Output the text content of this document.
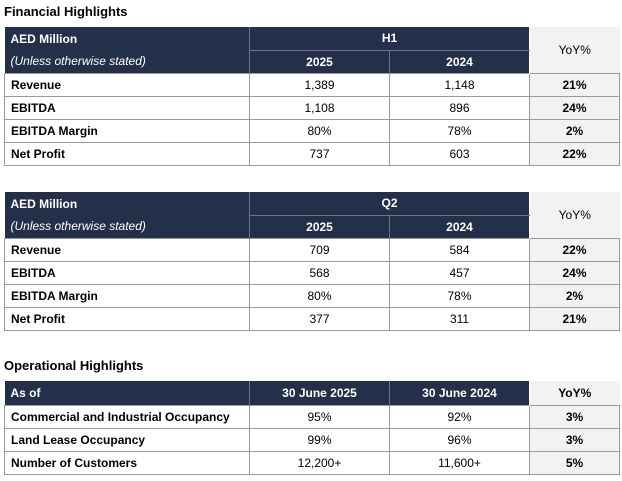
Financial Highlights
AED Million	H1		YoY%
(Unless otherwise stated)	2025	2024	
Revenue	1,389	1,148	21%
EBITDA	1,108	896	24%
EBITDA Margin	80%	78%	2%
Net Profit	737	603	22%
AED Million	Q2		YoY%
(Unless otherwise stated)	2025	2024	
Revenue	709	584	22%
EBITDA	568	457	24%
EBITDA Margin	80%	78%	2%
Net Profit	377	311	21%
Operational Highlights
As of	30 June 2025	30 June 2024	YoY%
Commercial and Industrial Occupancy	95%	92%	3%
Land Lease Occupancy	99%	96%	3%
Number of Customers	12,200+	11,600+	5%
